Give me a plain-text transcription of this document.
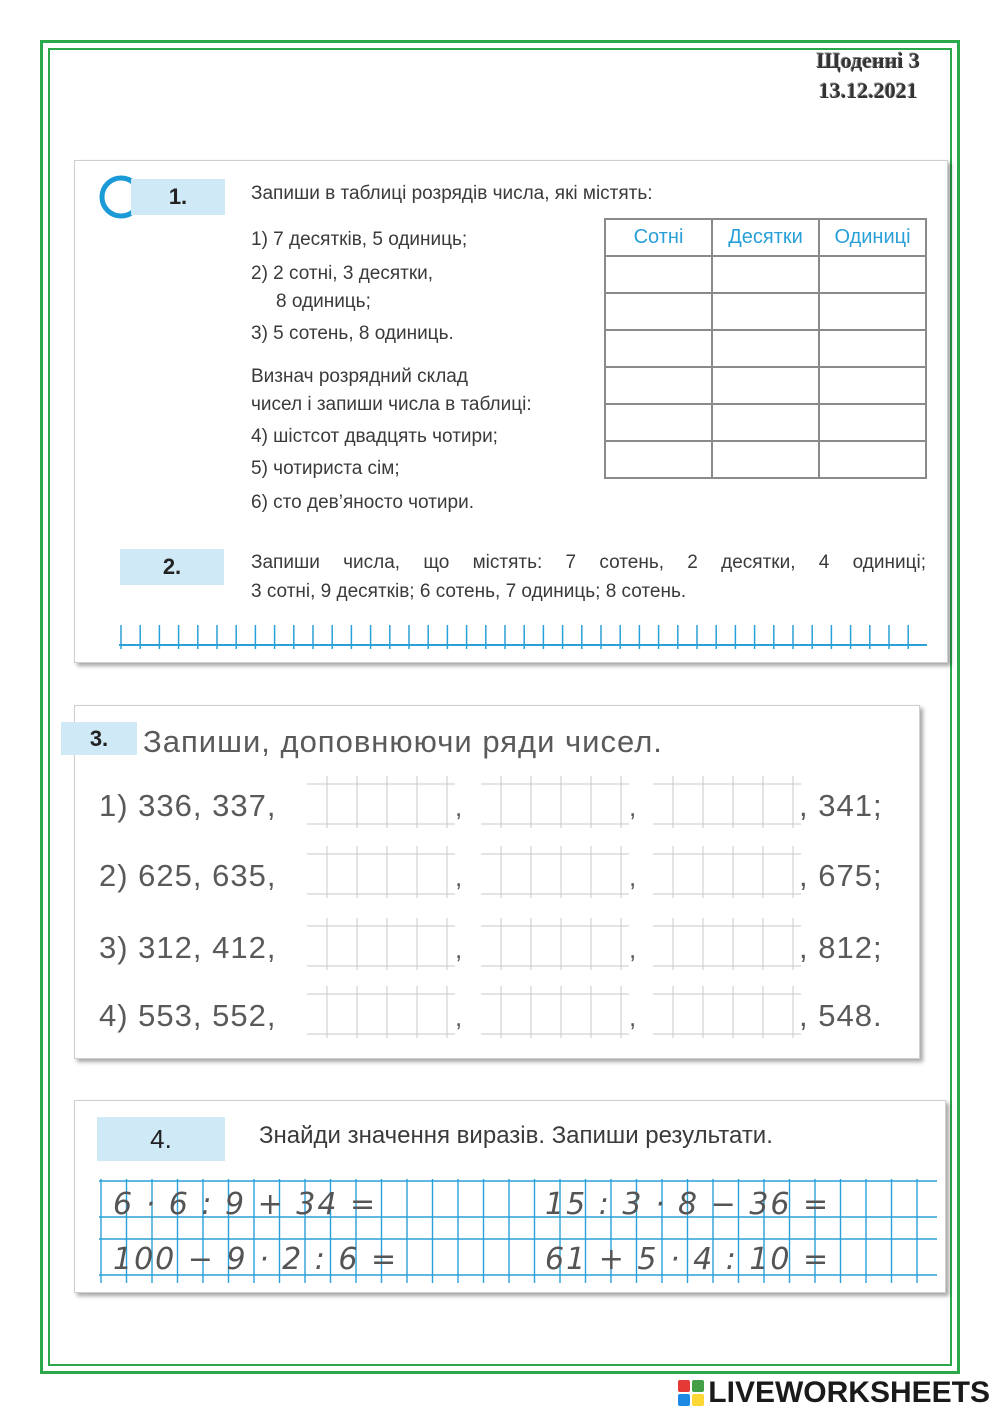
Щоденні 3
13.12.2021
1.	Запиши в таблиці розрядів числа, які містять:
1) 7 десятків, 5 одиниць;
2) 2 сотні, 3 десятки,
8 одиниць;
3) 5 сотень, 8 одиниць.
Визнач розрядний склад
чисел і запиши числа в таблиці:
4) шістсот двадцять чотири;
5) чотириста сім;
6) сто дев’яносто чотири.
Сотні	Десятки	Одиниці

2.	Запиши числа, що містять: 7 сотень, 2 десятки, 4 одиниці;
3 сотні, 9 десятків; 6 сотень, 7 одиниць; 8 сотень.
3.	Запиши, доповнюючи ряди чисел.
1) 336, 337,	,	,	, 341;
2) 625, 635,	,	,	, 675;
3) 312, 412,	,	,	, 812;
4) 553, 552,	,	,	, 548.
4.	Знайди значення виразів. Запиши результати.
6 · 6 : 9 + 34 =	15 : 3 · 8 − 36 =
100 − 9 · 2 : 6 =	61 + 5 · 4 : 10 =
LIVEWORKSHEETS
